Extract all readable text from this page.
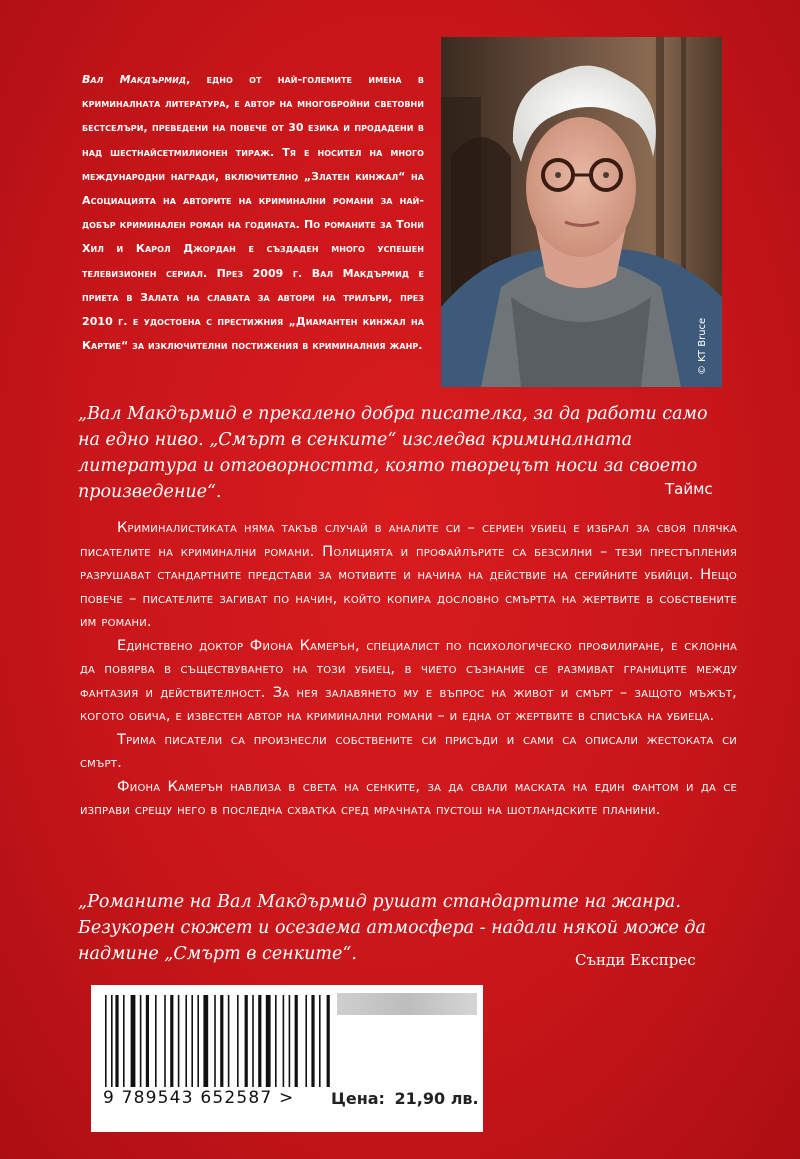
Вал Макдърмид, едно от най-големите имена в криминалната литература, е автор на многобройни световни бестселъри, преведени на повече от 30 езика и продадени в над шестнайсетмилионен тираж. Тя е носител на много международни награди, включително „Златен кинжал“ на Асоциацията на авторите на криминални романи за най-добър криминален роман на годината. По романите за Тони Хил и Карол Джордан е създаден много успешен телевизионен сериал. През 2009 г. Вал Макдърмид е приета в Залата на славата за автори на трилъри, през 2010 г. е удостоена с престижния „Диамантен кинжал на Картие“ за изключителни постижения в криминалния жанр.	© KT Bruce
„Вал Макдърмид е прекалено добра писателка, за да работи само на едно ниво. „Смърт в сенките“ изследва криминалната литература и отговорността, която творецът носи за своето произведение“.	Таймс

Криминалистиката няма такъв случай в аналите си – сериен убиец е избрал за своя плячка писателите на криминални романи. Полицията и профайлърите са безсилни – тези престъпления разрушават стандартните представи за мотивите и начина на действие на серийните убийци. Нещо повече – писателите загиват по начин, който копира дословно смъртта на жертвите в собствените им романи.

Единствено доктор Фиона Камерън, специалист по психологическо профилиране, е склонна да повярва в съществуването на този убиец, в чието съзнание се размиват границите между фантазия и действителност. За нея залавянето му е въпрос на живот и смърт – защото мъжът, когото обича, е известен автор на криминални романи – и една от жертвите в списъка на убиеца.

Трима писатели са произнесли собствените си присъди и сами са описали жестоката си смърт.

Фиона Камерън навлиза в света на сенките, за да свали маската на един фантом и да се изправи срещу него в последна схватка сред мрачната пустош на шотландските планини.

„Романите на Вал Макдърмид рушат стандартите на жанра. Безукорен сюжет и осезаема атмосфера - надали някой може да надмине „Смърт в сенките“.	Сънди Експрес
9 789543 652587 > Цена: 21,90 лв.
